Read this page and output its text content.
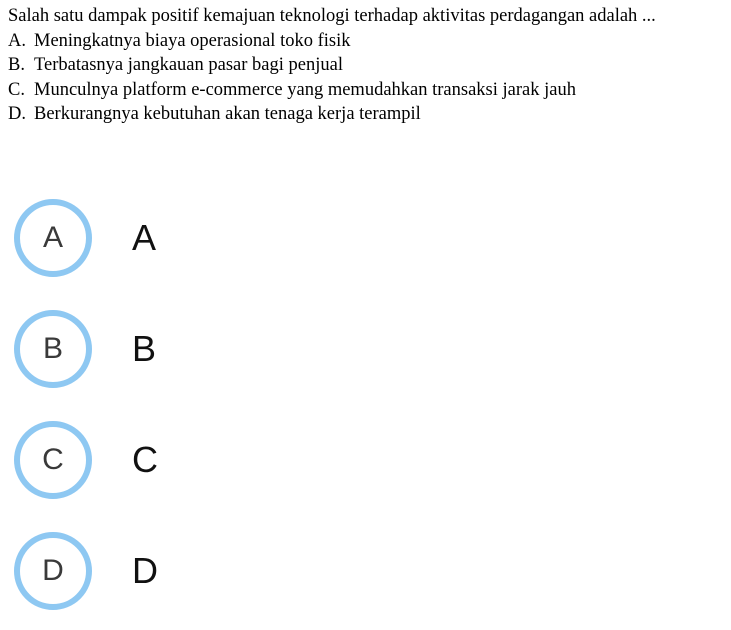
Salah satu dampak positif kemajuan teknologi terhadap aktivitas perdagangan adalah ...
A. Meningkatnya biaya operasional toko fisik
B. Terbatasnya jangkauan pasar bagi penjual
C. Munculnya platform e-commerce yang memudahkan transaksi jarak jauh
D. Berkurangnya kebutuhan akan tenaga kerja terampil
A	A
B	B
C	C
D	D
